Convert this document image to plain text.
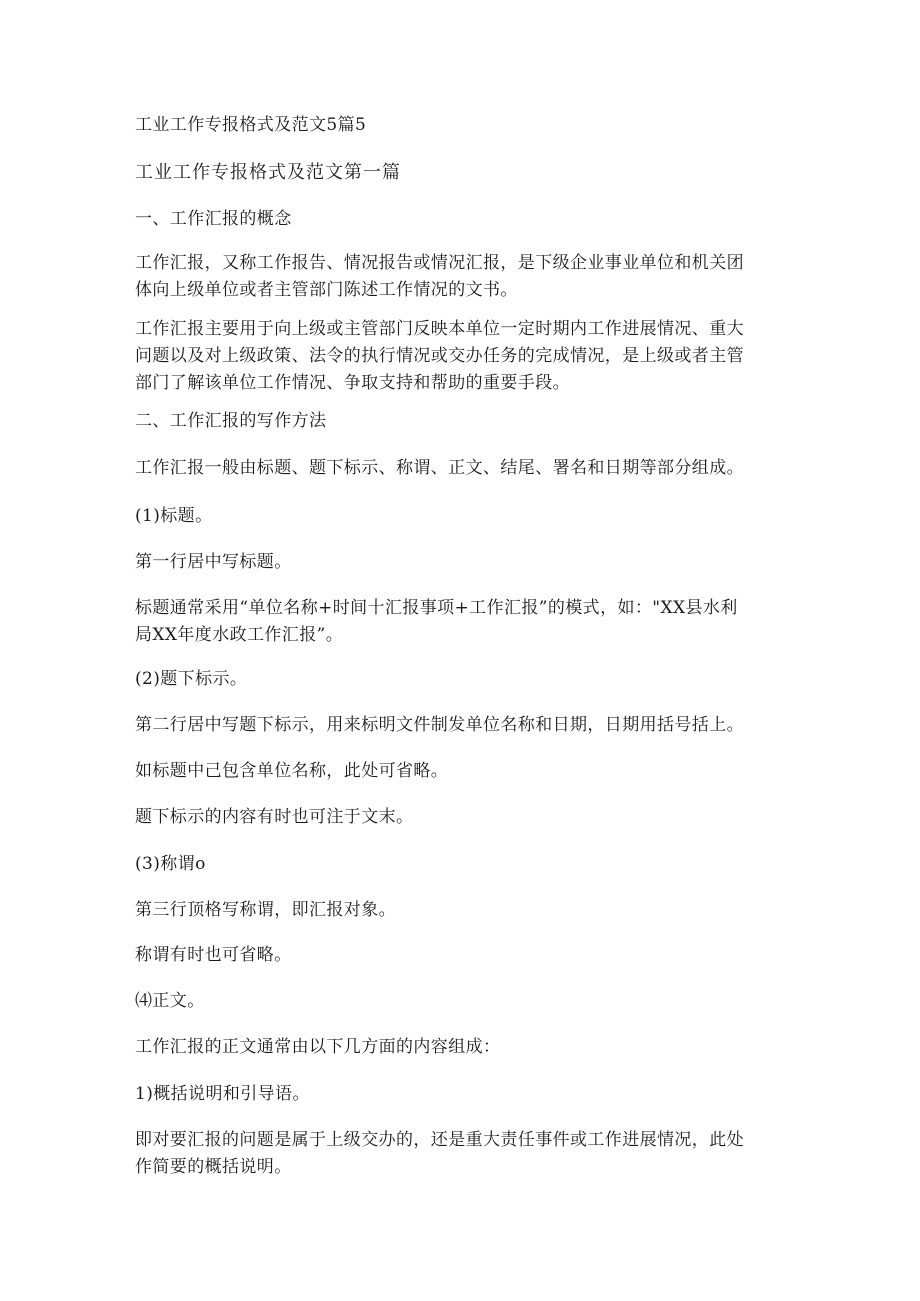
工业工作专报格式及范文5篇5
工业工作专报格式及范文第一篇
一、工作汇报的概念
工作汇报，又称工作报告、情况报告或情况汇报，是下级企业事业单位和机关团
体向上级单位或者主管部门陈述工作情况的文书。
工作汇报主要用于向上级或主管部门反映本单位一定时期内工作进展情况、重大
问题以及对上级政策、法令的执行情况或交办任务的完成情况，是上级或者主管
部门了解该单位工作情况、争取支持和帮助的重要手段。
二、工作汇报的写作方法
工作汇报一般由标题、题下标示、称谓、正文、结尾、署名和日期等部分组成。
(1)标题。
第一行居中写标题。
标题通常采用“单位名称+时间十汇报事项+工作汇报”的模式，如："XX县水利
局XX年度水政工作汇报”。
(2)题下标示。
第二行居中写题下标示，用来标明文件制发单位名称和日期，日期用括号括上。
如标题中己包含单位名称，此处可省略。
题下标示的内容有时也可注于文末。
(3)称谓o
第三行顶格写称谓，即汇报对象。
称谓有时也可省略。
⑷正文。
工作汇报的正文通常由以下几方面的内容组成：
1)概括说明和引导语。
即对要汇报的问题是属于上级交办的，还是重大责任事件或工作进展情况，此处
作简要的概括说明。
